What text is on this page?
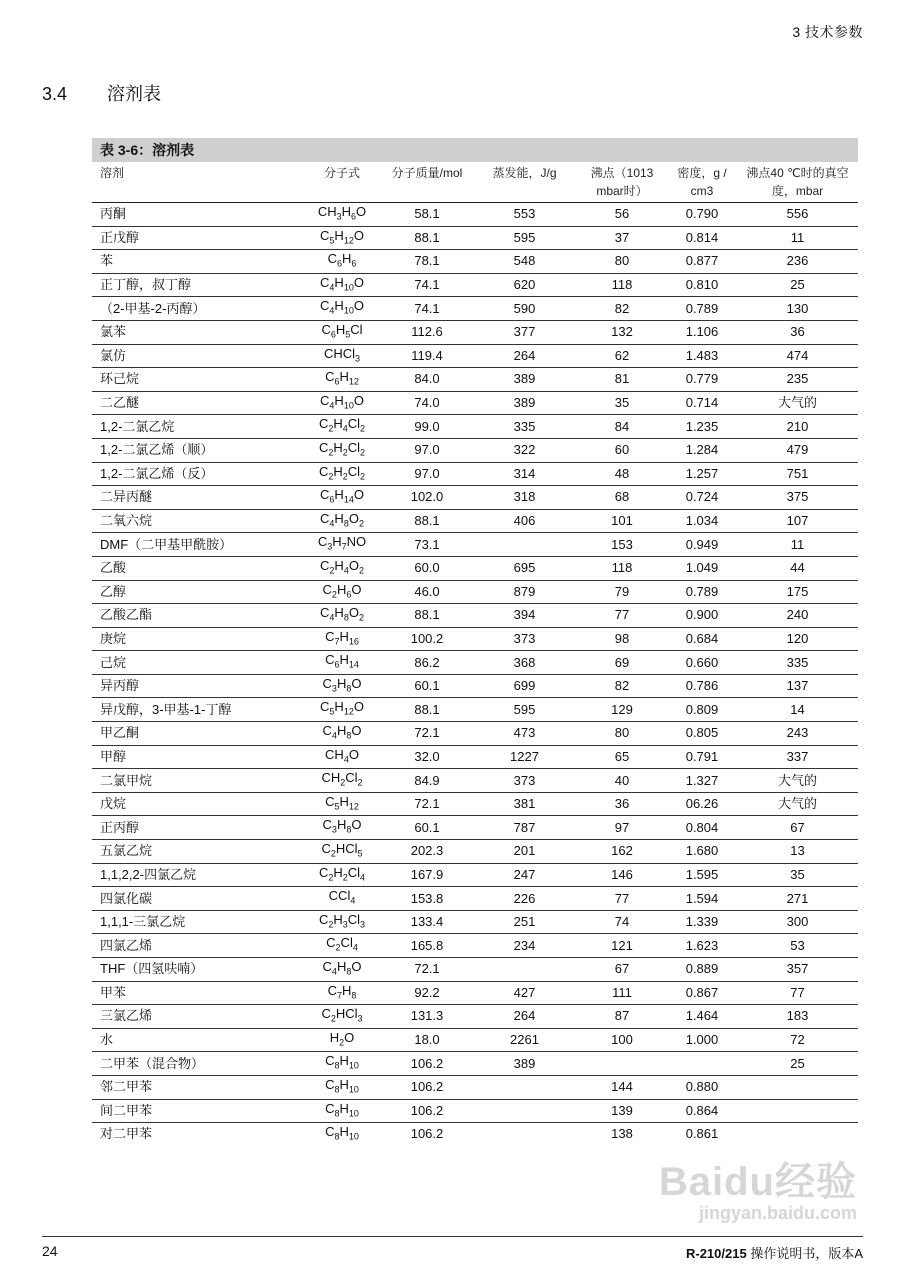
3 技术参数
3.4 溶剂表
表 3-6：溶剂表
溶剂	分子式	分子质量/mol	蒸发能，J/g	沸点（1013 mbar时）	密度，g / cm3	沸点40 ℃时的真空度，mbar
丙酮	$CH_3H_6O$	58.1	553	56	0.790	556
正戊醇	$C_5H_{12}O$	88.1	595	37	0.814	11
苯	$C_6H_6$	78.1	548	80	0.877	236
正丁醇，叔丁醇	$C_4H_{10}O$	74.1	620	118	0.810	25
（2-甲基-2-丙醇）	$C_4H_{10}O$	74.1	590	82	0.789	130
氯苯	$C_6H_5Cl$	112.6	377	132	1.106	36
氯仿	CHCl$_3$	119.4	264	62	1.483	474
环己烷	$C_6H_{12}$	84.0	389	81	0.779	235
二乙醚	$C_4H_{10}O$	74.0	389	35	0.714	大气的
1,2-二氯乙烷	$C_2H_4Cl_2$	99.0	335	84	1.235	210
1,2-二氯乙烯（顺）	$C_2H_2Cl_2$	97.0	322	60	1.284	479
1,2-二氯乙烯（反）	$C_2H_2Cl_2$	97.0	314	48	1.257	751
二异丙醚	$C_6H_{14}O$	102.0	318	68	0.724	375
二氧六烷	$C_4H_8O_2$	88.1	406	101	1.034	107
DMF（二甲基甲酰胺）	$C_3H_7NO$	73.1		153	0.949	11
乙酸	$C_2H_4O_2$	60.0	695	118	1.049	44
乙醇	$C_2H_6O$	46.0	879	79	0.789	175
乙酸乙酯	$C_4H_8O_2$	88.1	394	77	0.900	240
庚烷	$C_7H_{16}$	100.2	373	98	0.684	120
己烷	$C_6H_{14}$	86.2	368	69	0.660	335
异丙醇	$C_3H_8O$	60.1	699	82	0.786	137
异戊醇，3-甲基-1-丁醇	$C_5H_{12}O$	88.1	595	129	0.809	14
甲乙酮	$C_4H_8O$	72.1	473	80	0.805	243
甲醇	$CH_4O$	32.0	1227	65	0.791	337
二氯甲烷	$CH_2Cl_2$	84.9	373	40	1.327	大气的
戊烷	$C_5H_{12}$	72.1	381	36	06.26	大气的
正丙醇	$C_3H_8O$	60.1	787	97	0.804	67
五氯乙烷	$C_2HCl_5$	202.3	201	162	1.680	13
1,1,2,2-四氯乙烷	$C_2H_2Cl_4$	167.9	247	146	1.595	35
四氯化碳	CCl$_4$	153.8	226	77	1.594	271
1,1,1-三氯乙烷	$C_2H_3Cl_3$	133.4	251	74	1.339	300
四氯乙烯	$C_2Cl_4$	165.8	234	121	1.623	53
THF（四氢呋喃）	$C_4H_8O$	72.1		67	0.889	357
甲苯	$C_7H_8$	92.2	427	111	0.867	77
三氯乙烯	$C_2HCl_3$	131.3	264	87	1.464	183
水	$H_2O$	18.0	2261	100	1.000	72
二甲苯（混合物）	$C_8H_{10}$	106.2	389			25
邻二甲苯	$C_8H_{10}$	106.2		144	0.880	
间二甲苯	$C_8H_{10}$	106.2		139	0.864	
对二甲苯	$C_8H_{10}$	106.2		138	0.861	
24	R-210/215 操作说明书，版本A
Baidu经验
jingyan.baidu.com
